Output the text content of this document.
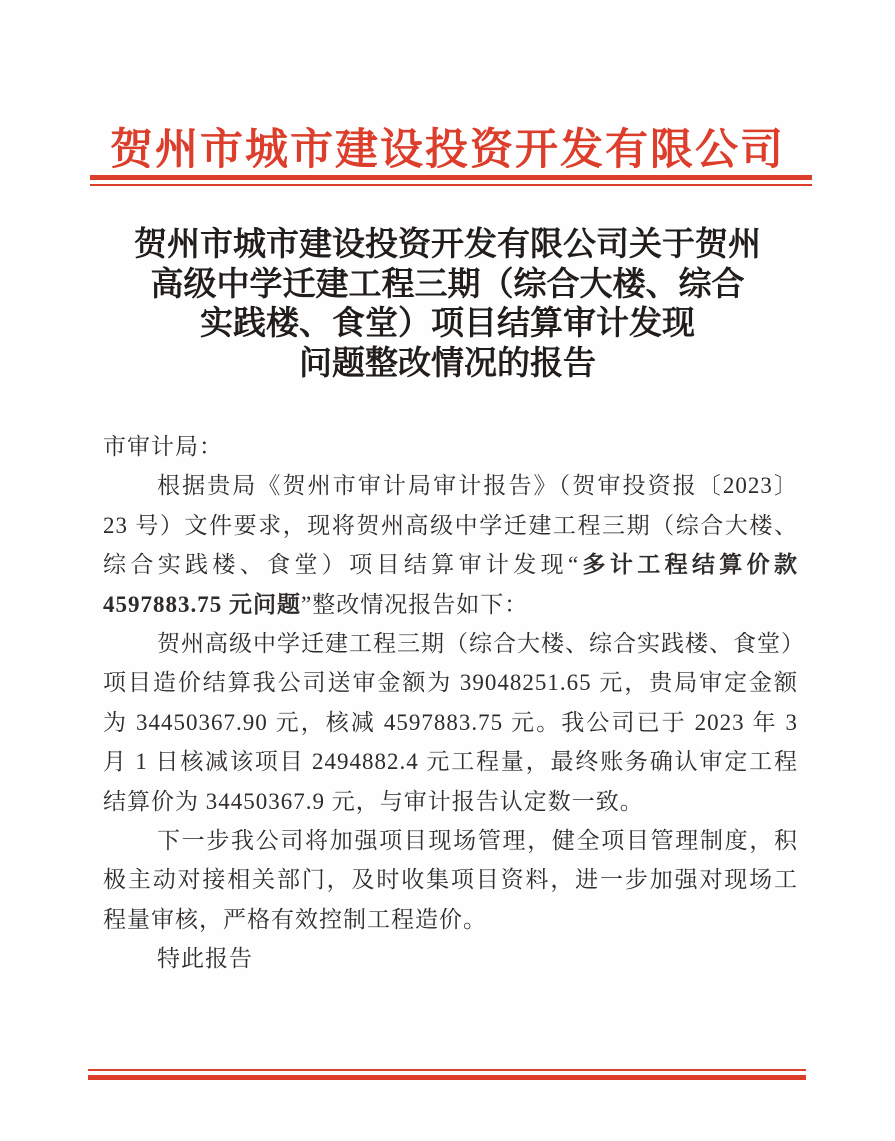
贺州市城市建设投资开发有限公司
贺州市城市建设投资开发有限公司关于贺州
高级中学迁建工程三期（综合大楼、综合
实践楼、食堂）项目结算审计发现
问题整改情况的报告
市审计局：
根据贵局《贺州市审计局审计报告》（贺审投资报〔2023〕
23 号）文件要求，现将贺州高级中学迁建工程三期（综合大楼、
综合实践楼、食堂）项目结算审计发现“多计工程结算价款
4597883.75 元问题”整改情况报告如下：
贺州高级中学迁建工程三期（综合大楼、综合实践楼、食堂）
项目造价结算我公司送审金额为 39048251.65 元，贵局审定金额
为 34450367.90 元，核减 4597883.75 元。我公司已于 2023 年 3
月 1 日核减该项目 2494882.4 元工程量，最终账务确认审定工程
结算价为 34450367.9 元，与审计报告认定数一致。
下一步我公司将加强项目现场管理，健全项目管理制度，积
极主动对接相关部门，及时收集项目资料，进一步加强对现场工
程量审核，严格有效控制工程造价。
特此报告
